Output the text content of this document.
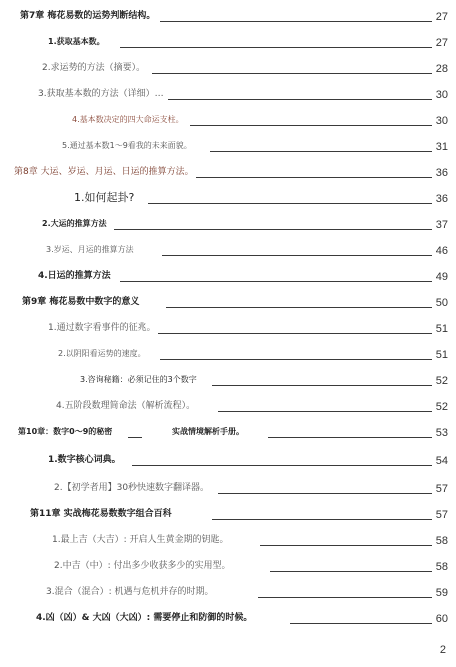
第7章 梅花易数的运势判断结构。	27
1.获取基本数。	27
2.求运势的方法（摘要）。	28
3.获取基本数的方法（详细）…	30
4.基本数决定的四大命运支柱。	30
5.通过基本数1～9看我的未来面貌。	31
第8章 大运、岁运、月运、日运的推算方法。	36
1.如何起卦?	36
2.大运的推算方法	37
3.岁运、月运的推算方法	46
4.日运的推算方法	49
第9章 梅花易数中数字的意义	50
1.通过数字看事件的征兆。	51
2.以阴阳看运势的速度。	51
3.咨询秘籍：必须记住的3个数字	52
4.五阶段数理简命法（解析流程）。	52
第10章：数字0～9的秘密	实战情境解析手册。	53
1.数字核心词典。	54
2.【初学者用】30秒快速数字翻译器。	57
第11章 实战梅花易数数字组合百科	57
1.最上吉（大吉）: 开启人生黄金期的钥匙。	58
2.中吉（中）: 付出多少收获多少的实用型。	58
3.混合（混合）: 机遇与危机并存的时期。	59
4.凶（凶）& 大凶（大凶）: 需要停止和防御的时候。	60
2
